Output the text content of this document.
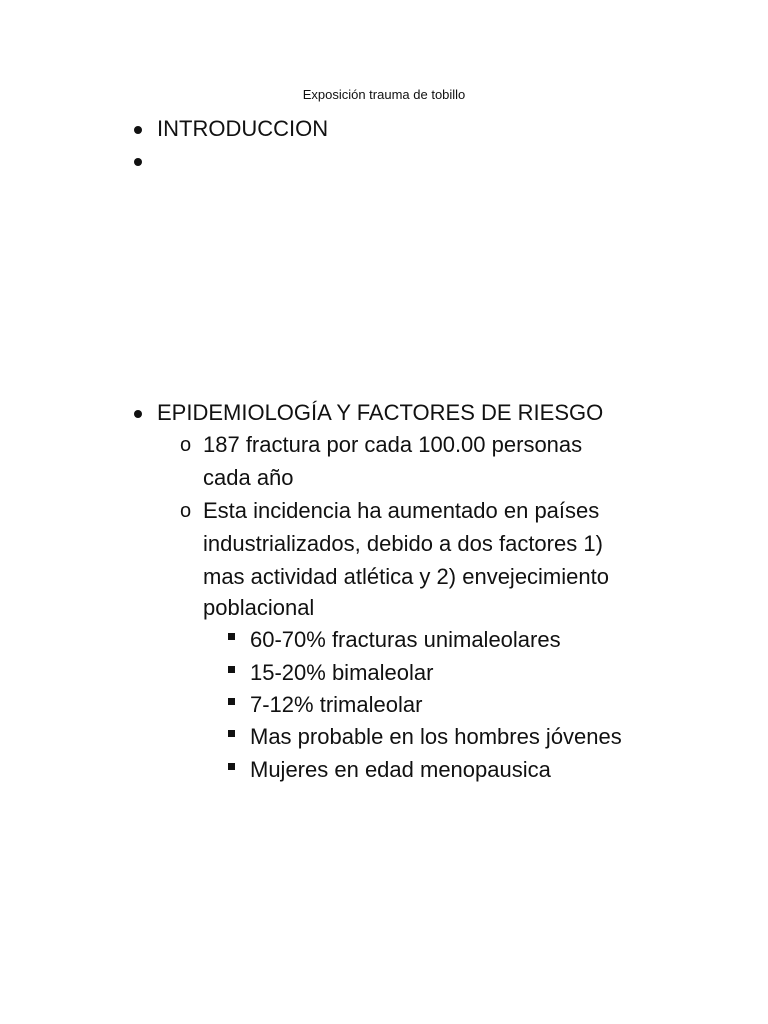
Exposición trauma de tobillo
INTRODUCCION
EPIDEMIOLOGÍA Y FACTORES DE RIESGO
o 187 fractura por cada 100.00 personas
cada año
o Esta incidencia ha aumentado en países
industrializados, debido a dos factores 1)
mas actividad atlética y 2) envejecimiento
poblacional
60-70% fracturas unimaleolares
15-20% bimaleolar
7-12% trimaleolar
Mas probable en los hombres jóvenes
Mujeres en edad menopausica
